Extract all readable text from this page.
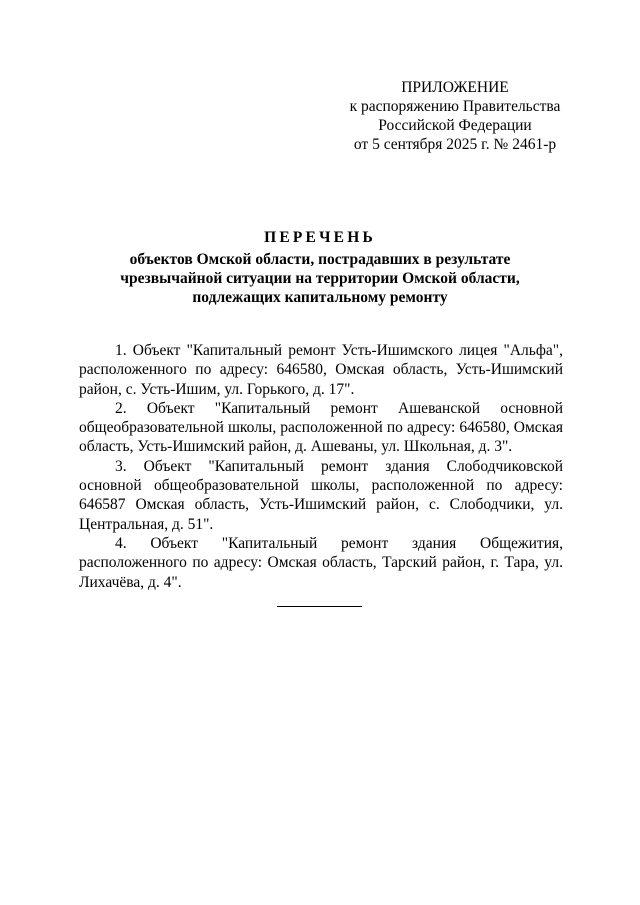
ПРИЛОЖЕНИЕ
к распоряжению Правительства
Российской Федерации
от 5 сентября 2025 г. № 2461-р
ПЕРЕЧЕНЬ
объектов Омской области, пострадавших в результате
чрезвычайной ситуации на территории Омской области,
подлежащих капитальному ремонту

1. Объект "Капитальный ремонт Усть-Ишимского лицея "Альфа", расположенного по адресу: 646580, Омская область, Усть-Ишимский район, с. Усть-Ишим, ул. Горького, д. 17".

2. Объект "Капитальный ремонт Ашеванской основной общеобразовательной школы, расположенной по адресу: 646580, Омская область, Усть-Ишимский район, д. Ашеваны, ул. Школьная, д. 3".

3. Объект "Капитальный ремонт здания Слободчиковской основной общеобразовательной школы, расположенной по адресу: 646587 Омская область, Усть-Ишимский район, с. Слободчики, ул. Центральная, д. 51".

4. Объект "Капитальный ремонт здания Общежития, расположенного по адресу: Омская область, Тарский район, г. Тара, ул. Лихачёва, д. 4".
